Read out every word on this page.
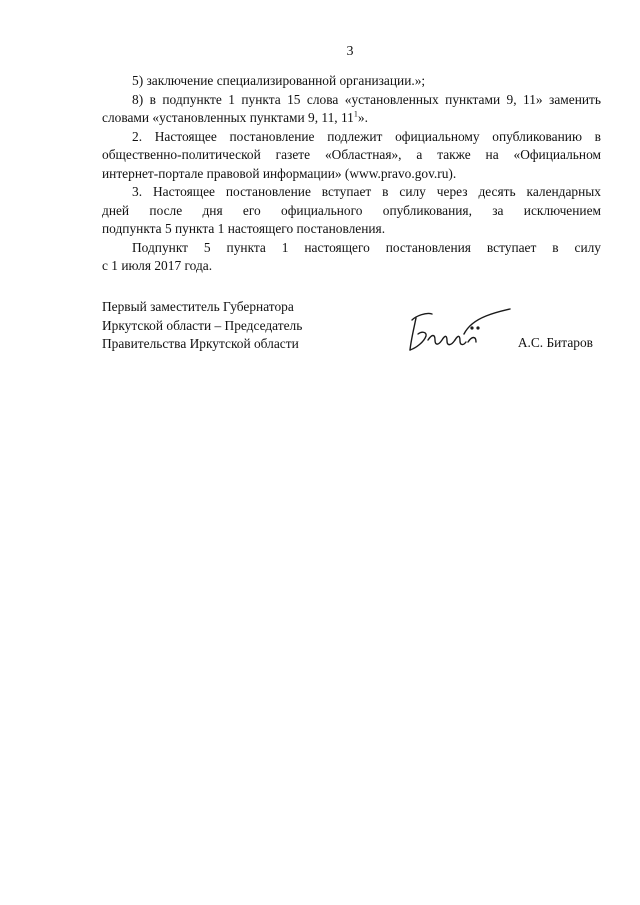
3

5) заключение специализированной организации.»;

8) в подпункте 1 пункта 15 слова «установленных пунктами 9, 11» заменить
словами «установленных пунктами 9, 11, $11^1$».

2. Настоящее постановление подлежит официальному опубликованию в
общественно-политической газете «Областная», а также на «Официальном
интернет-портале правовой информации» (www.pravo.gov.ru).

3. Настоящее постановление вступает в силу через десять календарных
дней после дня его официального опубликования, за исключением
подпункта 5 пункта 1 настоящего постановления.

Подпункт 5 пункта 1 настоящего постановления вступает в силу
с 1 июля 2017 года.

Первый заместитель Губернатора
Иркутской области – Председатель
Правительства Иркутской области	А.С. Битаров
